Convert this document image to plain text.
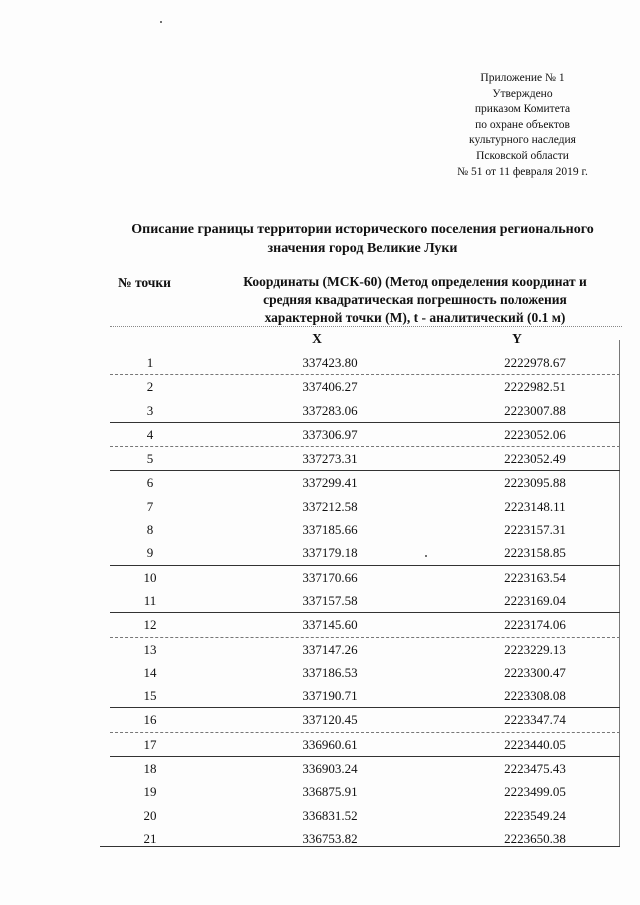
Приложение № 1
Утверждено
приказом Комитета
по охране объектов
культурного наследия
Псковской области
№ 51 от 11 февраля 2019 г.
Описание границы территории исторического поселения регионального
значения город Великие Луки
№ точки	Координаты (МСК-60) (Метод определения координат и
средняя квадратическая погрешность положения
характерной точки (М), t - аналитический (0.1 м)
X	Y
1	337423.80	2222978.67
2	337406.27	2222982.51
3	337283.06	2223007.88
4	337306.97	2223052.06
5	337273.31	2223052.49
6	337299.41	2223095.88
7	337212.58	2223148.11
8	337185.66	2223157.31
9	337179.18	2223158.85
10	337170.66	2223163.54
11	337157.58	2223169.04
12	337145.60	2223174.06
13	337147.26	2223229.13
14	337186.53	2223300.47
15	337190.71	2223308.08
16	337120.45	2223347.74
17	336960.61	2223440.05
18	336903.24	2223475.43
19	336875.91	2223499.05
20	336831.52	2223549.24
21	336753.82	2223650.38
